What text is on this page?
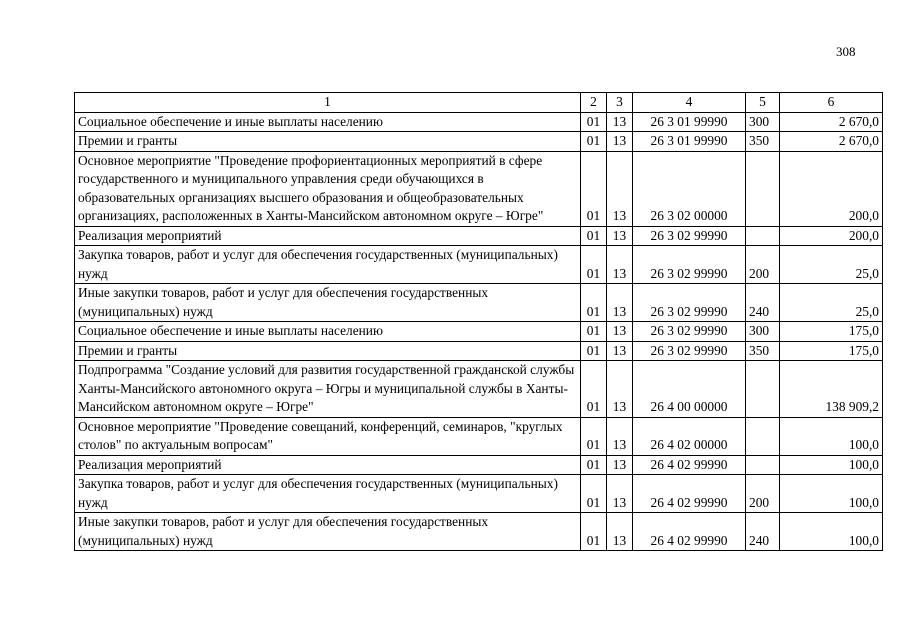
308
1	2	3	4	5	6
Социальное обеспечение и иные выплаты населению	01	13	26 3 01 99990	300	2 670,0
Премии и гранты	01	13	26 3 01 99990	350	2 670,0
Основное мероприятие "Проведение профориентационных мероприятий в сфере государственного и муниципального управления среди обучающихся в образовательных организациях высшего образования и общеобразовательных организациях, расположенных в Ханты-Мансийском автономном округе – Югре"	01	13	26 3 02 00000		200,0
Реализация мероприятий	01	13	26 3 02 99990		200,0
Закупка товаров, работ и услуг для обеспечения государственных (муниципальных) нужд	01	13	26 3 02 99990	200	25,0
Иные закупки товаров, работ и услуг для обеспечения государственных (муниципальных) нужд	01	13	26 3 02 99990	240	25,0
Социальное обеспечение и иные выплаты населению	01	13	26 3 02 99990	300	175,0
Премии и гранты	01	13	26 3 02 99990	350	175,0
Подпрограмма "Создание условий для развития государственной гражданской службы Ханты-Мансийского автономного округа – Югры и муниципальной службы в Ханты-Мансийском автономном округе – Югре"	01	13	26 4 00 00000		138 909,2
Основное мероприятие "Проведение совещаний, конференций, семинаров, "круглых столов" по актуальным вопросам"	01	13	26 4 02 00000		100,0
Реализация мероприятий	01	13	26 4 02 99990		100,0
Закупка товаров, работ и услуг для обеспечения государственных (муниципальных) нужд	01	13	26 4 02 99990	200	100,0
Иные закупки товаров, работ и услуг для обеспечения государственных (муниципальных) нужд	01	13	26 4 02 99990	240	100,0
